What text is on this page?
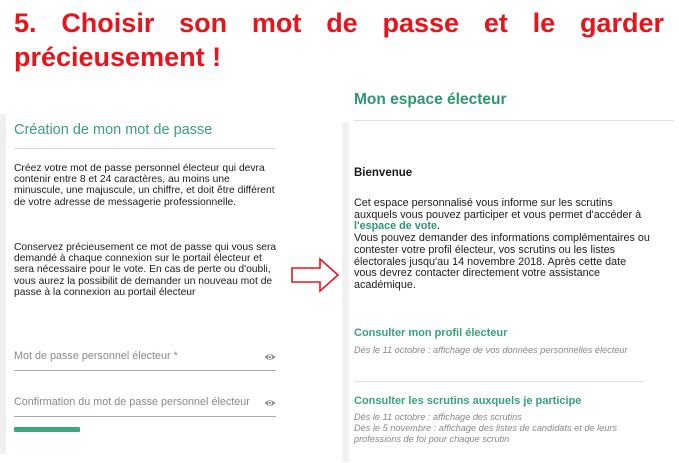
5. Choisir son mot de passe et le garder
précieusement !
Création de mon mot de passe
Créez votre mot de passe personnel électeur qui devra contenir entre 8 et 24 caractères, au moins une minuscule, une majuscule, un chiffre, et doit être différent de votre adresse de messagerie professionnelle.
Conservez précieusement ce mot de passe qui vous sera demandé à chaque connexion sur le portail électeur et sera nécessaire pour le vote. En cas de perte ou d'oubli, vous aurez la possibilit de demander un nouveau mot de passe à la connexion au portail électeur
Mot de passe personnel électeur *
Confirmation du mot de passe personnel électeur
Mon espace électeur
Bienvenue
Cet espace personnalisé vous informe sur les scrutins auxquels vous pouvez participer et vous permet d'accéder à l'espace de vote.
Vous pouvez demander des informations complémentaires ou contester votre profil électeur, vos scrutins ou les listes électorales jusqu'au 14 novembre 2018. Après cette date vous devrez contacter directement votre assistance académique.
Consulter mon profil électeur
Dès le 11 octobre : affichage de vos données personnelles électeur
Consulter les scrutins auxquels je participe
Dès le 11 octobre : affichage des scrutins
Dès le 5 novembre : affichage des listes de candidats et de leurs professions de foi pour chaque scrutin
